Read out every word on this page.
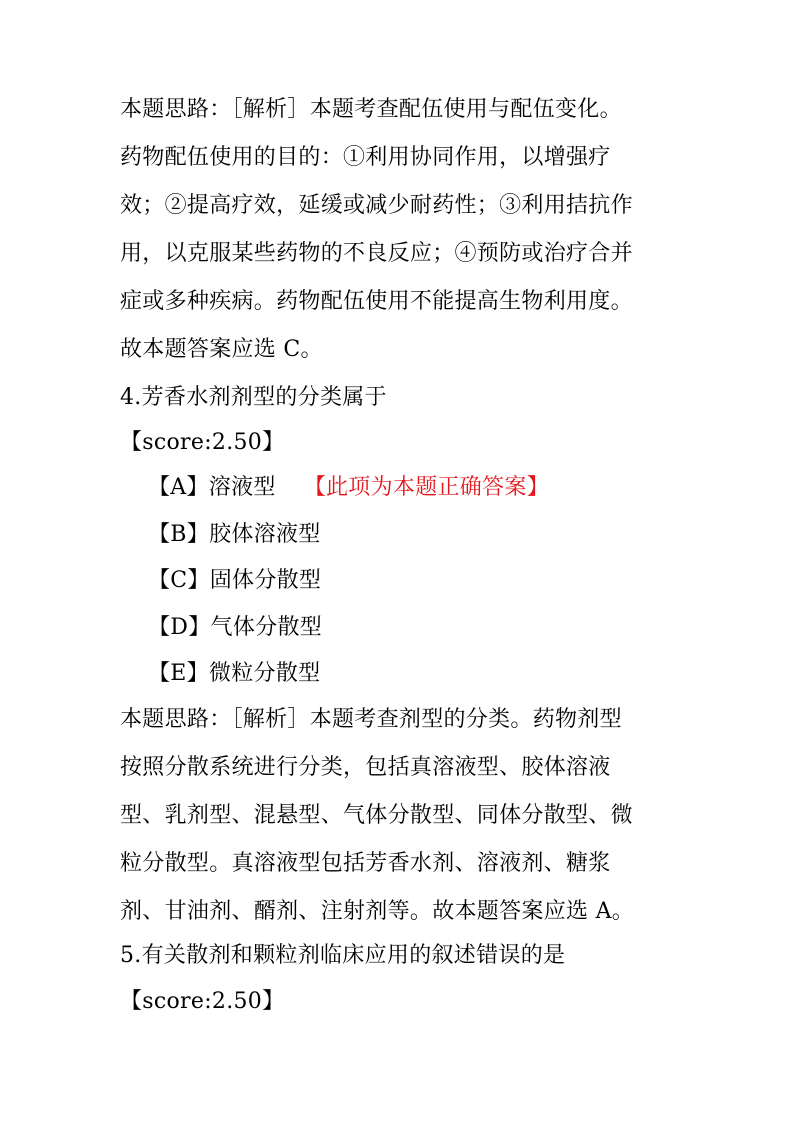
本题思路：［解析］本题考查配伍使用与配伍变化。
药物配伍使用的目的：①利用协同作用，以增强疗
效；②提高疗效，延缓或减少耐药性；③利用拮抗作
用，以克服某些药物的不良反应；④预防或治疗合并
症或多种疾病。药物配伍使用不能提高生物利用度。
故本题答案应选 C。
4.芳香水剂剂型的分类属于
【score:2.50】
【A】溶液型 【此项为本题正确答案】
【B】胶体溶液型
【C】固体分散型
【D】气体分散型
【E】微粒分散型
本题思路：［解析］本题考查剂型的分类。药物剂型
按照分散系统进行分类，包括真溶液型、胶体溶液
型、乳剂型、混悬型、气体分散型、同体分散型、微
粒分散型。真溶液型包括芳香水剂、溶液剂、糖浆
剂、甘油剂、醑剂、注射剂等。故本题答案应选 A。
5.有关散剂和颗粒剂临床应用的叙述错误的是
【score:2.50】
